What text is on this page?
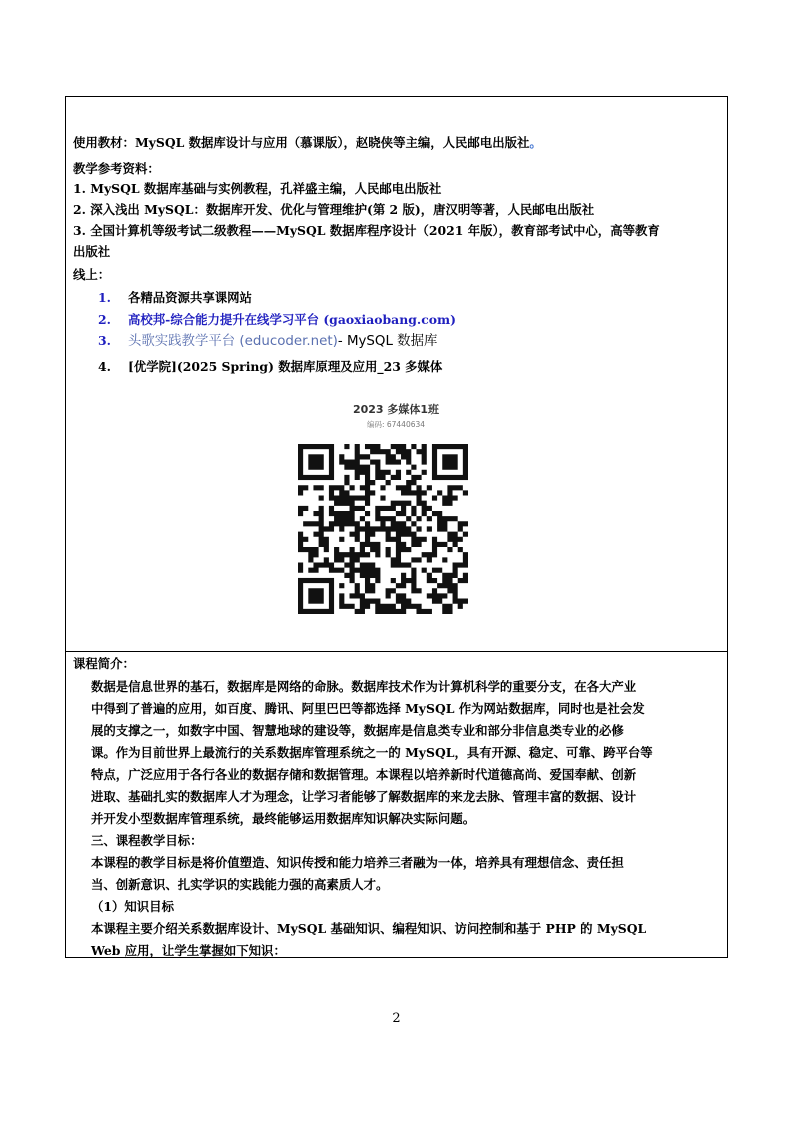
使用教材：MySQL 数据库设计与应用（慕课版），赵晓侠等主编，人民邮电出版社。
教学参考资料：
1. MySQL 数据库基础与实例教程，孔祥盛主编，人民邮电出版社
2. 深入浅出 MySQL：数据库开发、优化与管理维护(第 2 版)，唐汉明等著，人民邮电出版社
3. 全国计算机等级考试二级教程——MySQL 数据库程序设计（2021 年版），教育部考试中心，高等教育
出版社
线上：
1. 各精品资源共享课网站
2. 高校邦-综合能力提升在线学习平台 (gaoxiaobang.com)
3. 头歌实践教学平台 (educoder.net)- MySQL 数据库
4. [优学院](2025 Spring) 数据库原理及应用_23 多媒体
2023 多媒体1班
编码: 67440634
课程简介：
数据是信息世界的基石，数据库是网络的命脉。数据库技术作为计算机科学的重要分支，在各大产业
中得到了普遍的应用，如百度、腾讯、阿里巴巴等都选择 MySQL 作为网站数据库，同时也是社会发
展的支撑之一，如数字中国、智慧地球的建设等，数据库是信息类专业和部分非信息类专业的必修
课。作为目前世界上最流行的关系数据库管理系统之一的 MySQL，具有开源、稳定、可靠、跨平台等
特点，广泛应用于各行各业的数据存储和数据管理。本课程以培养新时代道德高尚、爱国奉献、创新
进取、基础扎实的数据库人才为理念，让学习者能够了解数据库的来龙去脉、管理丰富的数据、设计
并开发小型数据库管理系统，最终能够运用数据库知识解决实际问题。
三、课程教学目标：
本课程的教学目标是将价值塑造、知识传授和能力培养三者融为一体，培养具有理想信念、责任担
当、创新意识、扎实学识的实践能力强的高素质人才。
（1）知识目标
本课程主要介绍关系数据库设计、MySQL 基础知识、编程知识、访问控制和基于 PHP 的 MySQL
Web 应用，让学生掌握如下知识：
2
